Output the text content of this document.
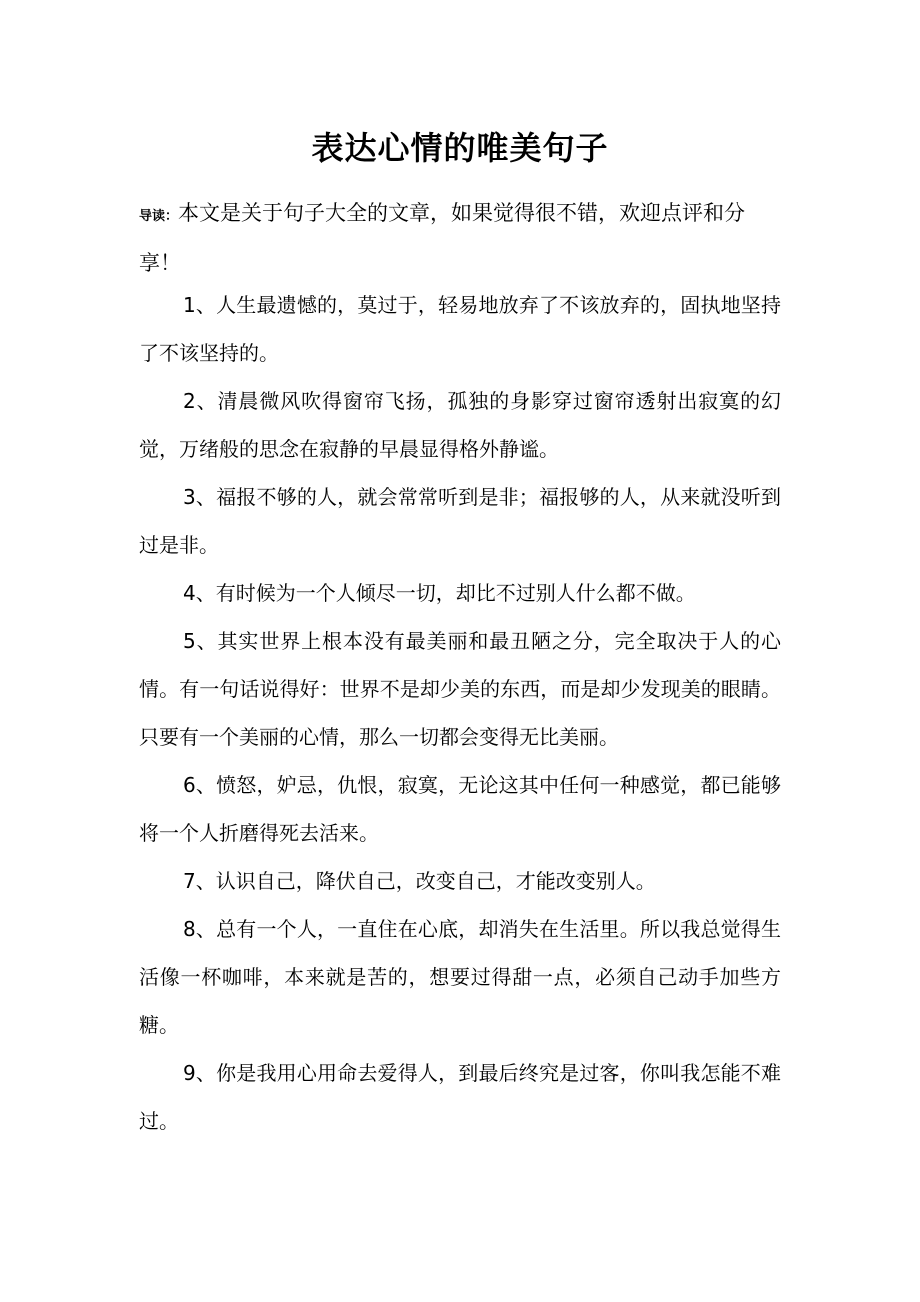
表达心情的唯美句子
导读：本文是关于句子大全的文章，如果觉得很不错，欢迎点评和分享！

1、人生最遗憾的，莫过于，轻易地放弃了不该放弃的，固执地坚持了不该坚持的。

2、清晨微风吹得窗帘飞扬，孤独的身影穿过窗帘透射出寂寞的幻觉，万绪般的思念在寂静的早晨显得格外静谧。

3、福报不够的人，就会常常听到是非；福报够的人，从来就没听到过是非。

4、有时候为一个人倾尽一切，却比不过别人什么都不做。

5、其实世界上根本没有最美丽和最丑陋之分，完全取决于人的心情。有一句话说得好：世界不是却少美的东西，而是却少发现美的眼睛。只要有一个美丽的心情，那么一切都会变得无比美丽。

6、愤怒，妒忌，仇恨，寂寞，无论这其中任何一种感觉，都已能够将一个人折磨得死去活来。

7、认识自己，降伏自己，改变自己，才能改变别人。

8、总有一个人，一直住在心底，却消失在生活里。所以我总觉得生活像一杯咖啡，本来就是苦的，想要过得甜一点，必须自己动手加些方糖。

9、你是我用心用命去爱得人，到最后终究是过客，你叫我怎能不难过。
